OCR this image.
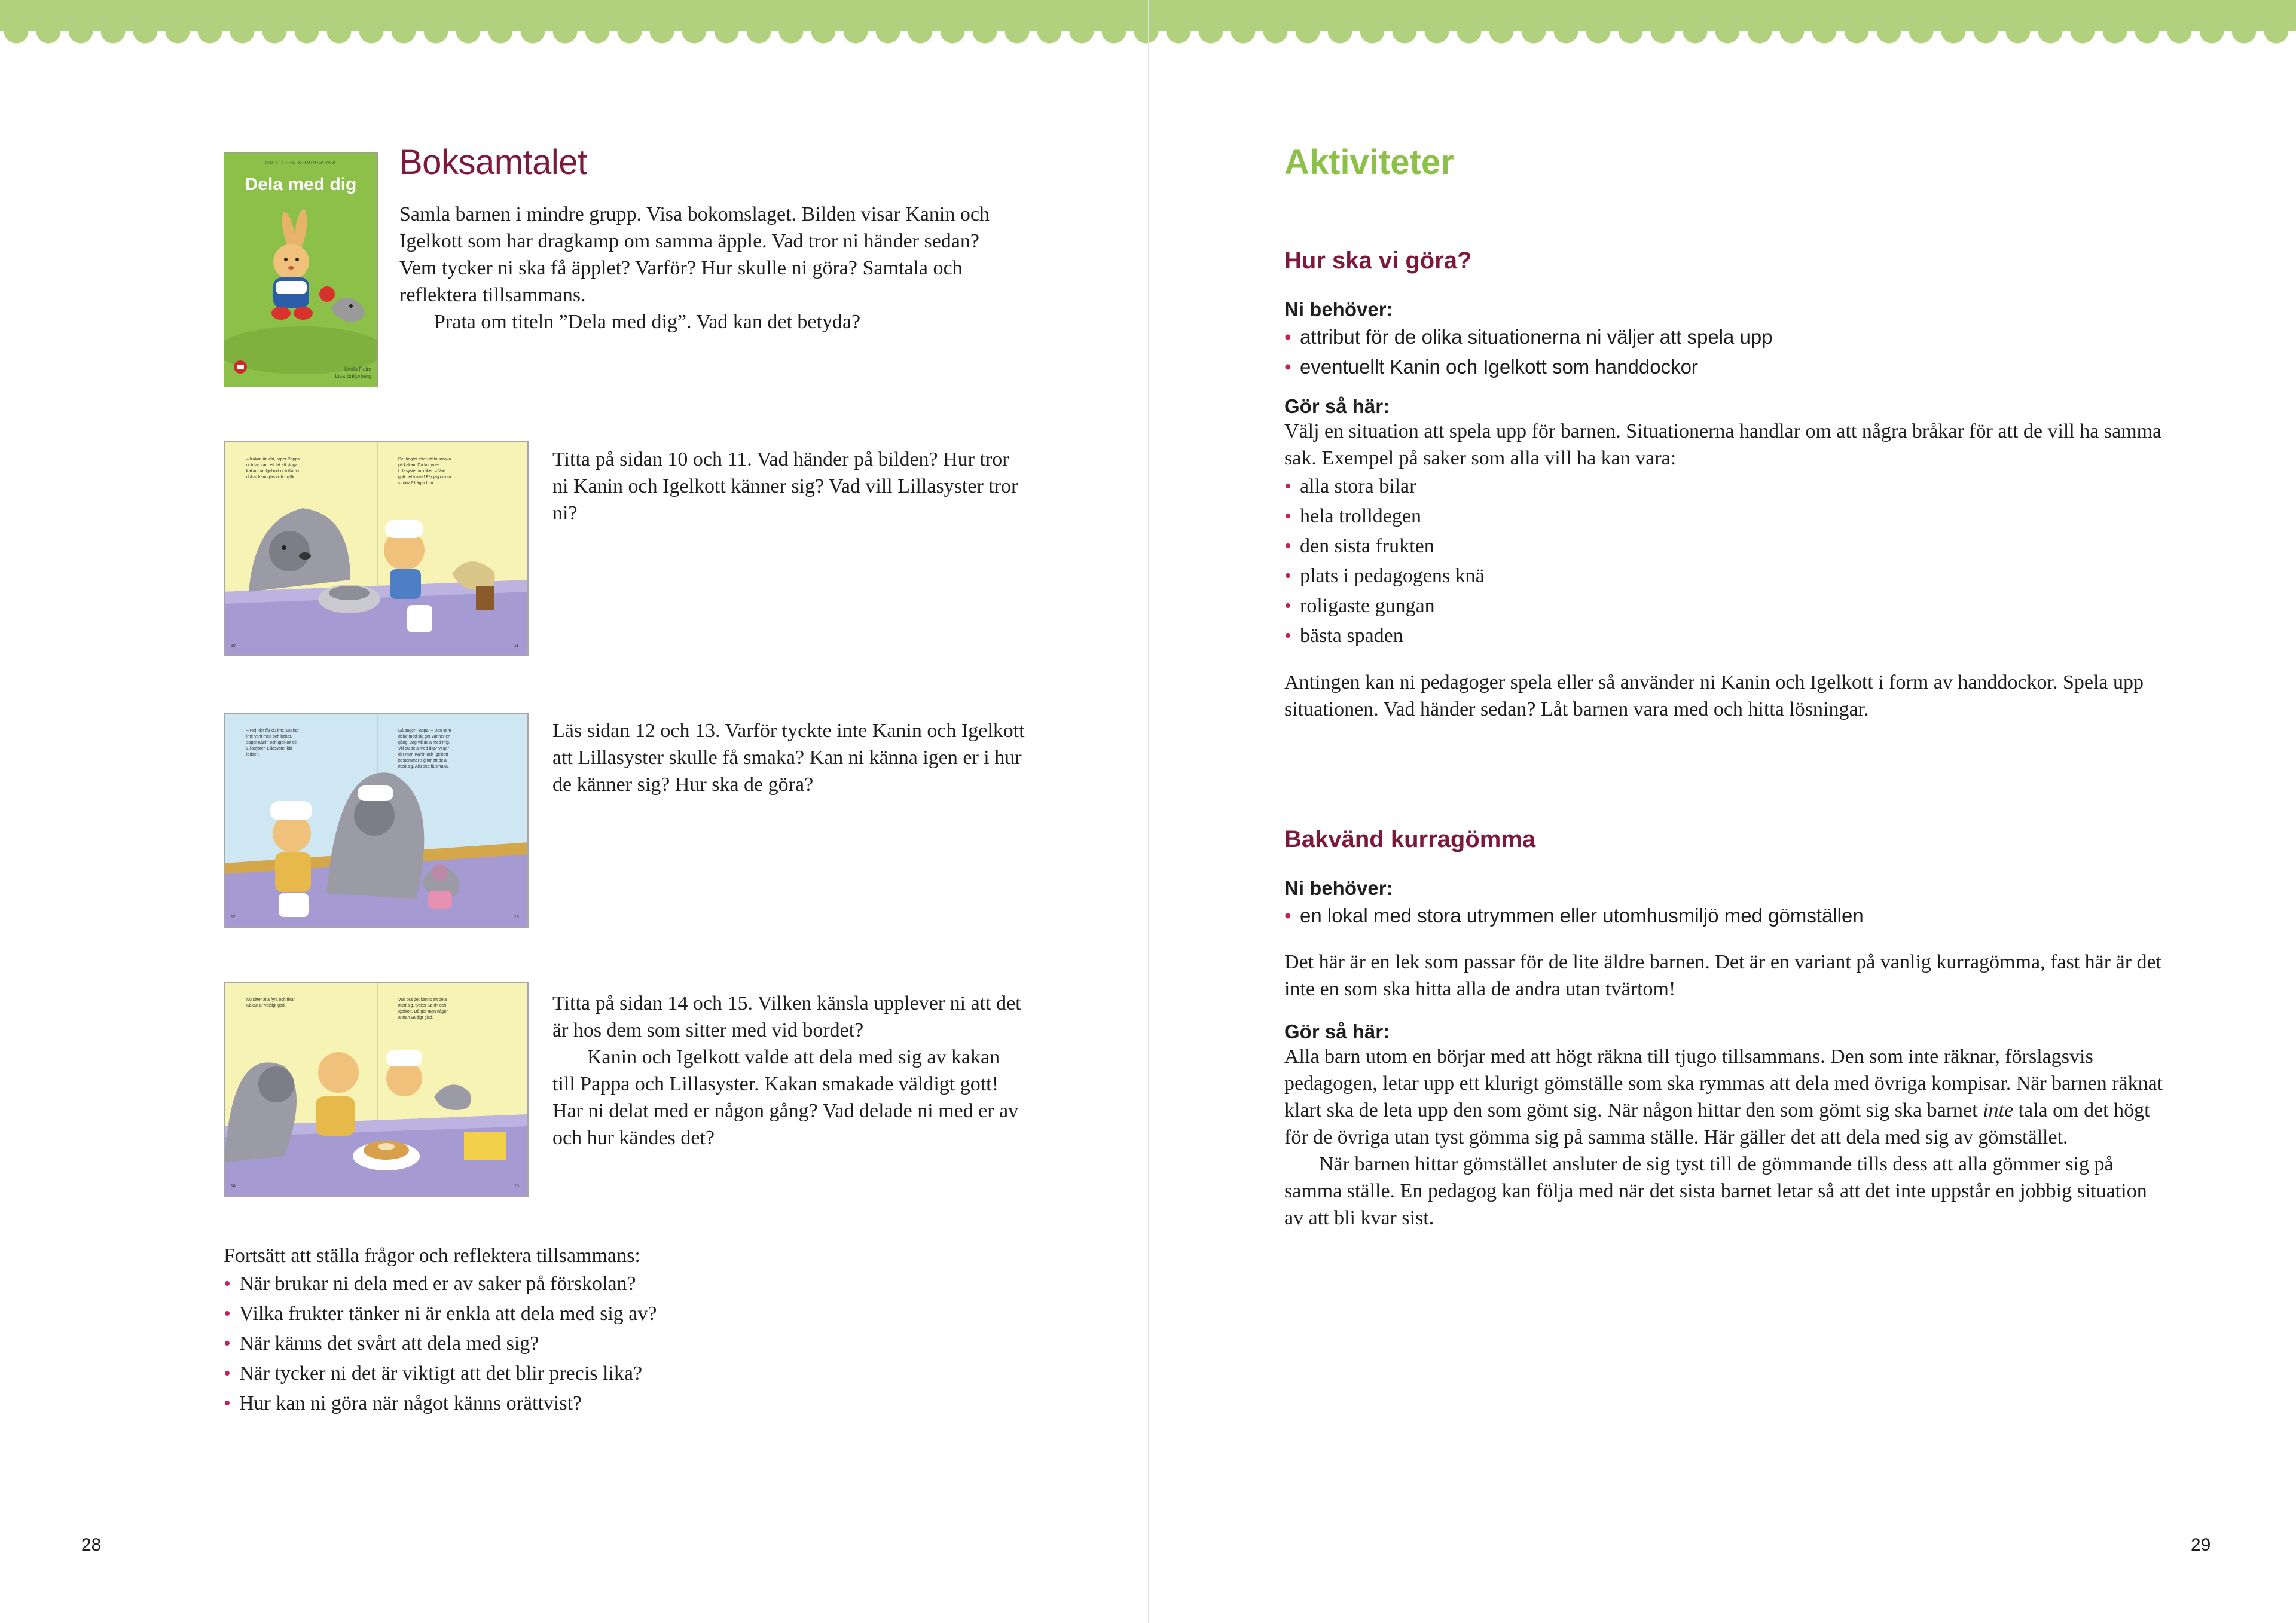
OM LITTER KOMPISARNA
Dela med dig
Linda Palm
Lisa Enfjorberg
Boksamtalet

Samla barnen i mindre grupp. Visa bokomslaget. Bilden visar Kanin och Igelkott som har dragkamp om samma äpple. Vad tror ni händer sedan? Vem tycker ni ska få äpplet? Varför? Hur skulle ni göra? Samtala och reflektera tillsammans.

Prata om titeln ”Dela med dig”. Vad kan det betyda?

– Kakan är klar, roper Pappa och tar fram ett fat att lägga kakan på. Igelkott och Kanin dukar fram glas och mjölk.
De längtar efter att få smaka på kakan. Då kommer Lillasyster in köket. – Vad gott det luktar! Får jag också smaka? frågar hon.
10	11

Titta på sidan 10 och 11. Vad händer på bilden? Hur tror ni Kanin och Igelkott känner sig? Vad vill Lillasyster tror ni?

– Nej, det får du inte. Du har inte varit med och bakat, säger Kanin och Igelkott till Lillasyster. Lillasyster blir ledsen.
Då säger Pappa: – Den som delar med sig ger vänner en gång. Jag vill dela med mig. Vill du dela med dig? Vi ger der mer. Kanin och Igelkott bestämmer sig för att dela med sig. Alla ska få smaka.
12	13

Läs sidan 12 och 13. Varför tyckte inte Kanin och Igelkott att Lillasyster skulle få smaka? Kan ni känna igen er i hur de känner sig? Hur ska de göra?

Nu sitter alla fyra och fikar. Kakan är väldigt god.
Vad bra det känns att dela med sig, tycker Kanin och Igelkott. Då gör man någon annan väldigt glad.
14	15

Titta på sidan 14 och 15. Vilken känsla upplever ni att det är hos dem som sitter med vid bordet?

Kanin och Igelkott valde att dela med sig av kakan till Pappa och Lillasyster. Kakan smakade väldigt gott! Har ni delat med er någon gång? Vad delade ni med er av och hur kändes det?

Fortsätt att ställa frågor och reflektera tillsammans:

• När brukar ni dela med er av saker på förskolan?
• Vilka frukter tänker ni är enkla att dela med sig av?
• När känns det svårt att dela med sig?
• När tycker ni det är viktigt att det blir precis lika?
• Hur kan ni göra när något känns orättvist?
28
Aktiviteter
Hur ska vi göra?

Ni behöver:

• attribut för de olika situationerna ni väljer att spela upp
• eventuellt Kanin och Igelkott som handdockor

Gör så här:

Välj en situation att spela upp för barnen. Situationerna handlar om att några bråkar för att de vill ha samma sak. Exempel på saker som alla vill ha kan vara:

• alla stora bilar
• hela trolldegen
• den sista frukten
• plats i pedagogens knä
• roligaste gungan
• bästa spaden

Antingen kan ni pedagoger spela eller så använder ni Kanin och Igelkott i form av handdockor. Spela upp situationen. Vad händer sedan? Låt barnen vara med och hitta lösningar.

Bakvänd kurragömma

Ni behöver:

• en lokal med stora utrymmen eller utomhusmiljö med gömställen

Det här är en lek som passar för de lite äldre barnen. Det är en variant på vanlig kurragömma, fast här är det inte en som ska hitta alla de andra utan tvärtom!

Gör så här:

Alla barn utom en börjar med att högt räkna till tjugo tillsammans. Den som inte räknar, förslagsvis pedagogen, letar upp ett klurigt gömställe som ska rymmas att dela med övriga kompisar. När barnen räknat klart ska de leta upp den som gömt sig. När någon hittar den som gömt sig ska barnet inte tala om det högt för de övriga utan tyst gömma sig på samma ställe. Här gäller det att dela med sig av gömstället.

När barnen hittar gömstället ansluter de sig tyst till de gömmande tills dess att alla gömmer sig på samma ställe. En pedagog kan följa med när det sista barnet letar så att det inte uppstår en jobbig situation av att bli kvar sist.

29
